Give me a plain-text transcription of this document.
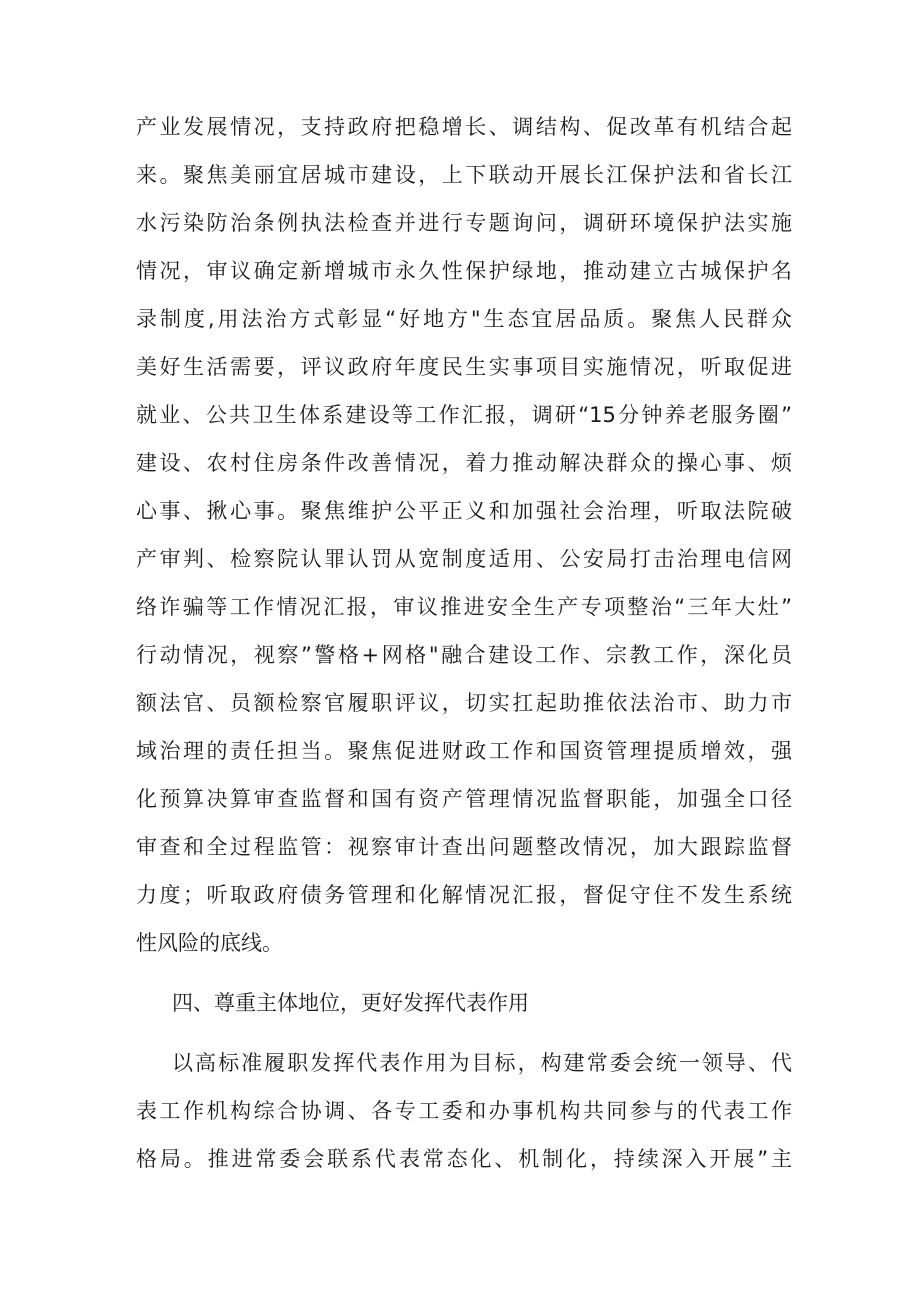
产业发展情况，支持政府把稳增长、调结构、促改革有机结合起
来。聚焦美丽宜居城市建设，上下联动开展长江保护法和省长江
水污染防治条例执法检查并进行专题询问，调研环境保护法实施
情况，审议确定新增城市永久性保护绿地，推动建立古城保护名
录制度,用法治方式彰显“好地方"生态宜居品质。聚焦人民群众
美好生活需要，评议政府年度民生实事项目实施情况，听取促进
就业、公共卫生体系建设等工作汇报，调研“15分钟养老服务圈”
建设、农村住房条件改善情况，着力推动解决群众的操心事、烦
心事、揪心事。聚焦维护公平正义和加强社会治理，听取法院破
产审判、检察院认罪认罚从宽制度适用、公安局打击治理电信网
络诈骗等工作情况汇报，审议推进安全生产专项整治“三年大灶”
行动情况，视察”警格+网格"融合建设工作、宗教工作，深化员
额法官、员额检察官履职评议，切实扛起助推依法治市、助力市
域治理的责任担当。聚焦促进财政工作和国资管理提质增效，强
化预算决算审查监督和国有资产管理情况监督职能，加强全口径
审查和全过程监管：视察审计查出问题整改情况，加大跟踪监督
力度；听取政府债务管理和化解情况汇报，督促守住不发生系统
性风险的底线。
四、尊重主体地位，更好发挥代表作用
以高标准履职发挥代表作用为目标，构建常委会统一领导、代
表工作机构综合协调、各专工委和办事机构共同参与的代表工作
格局。推进常委会联系代表常态化、机制化，持续深入开展”主
